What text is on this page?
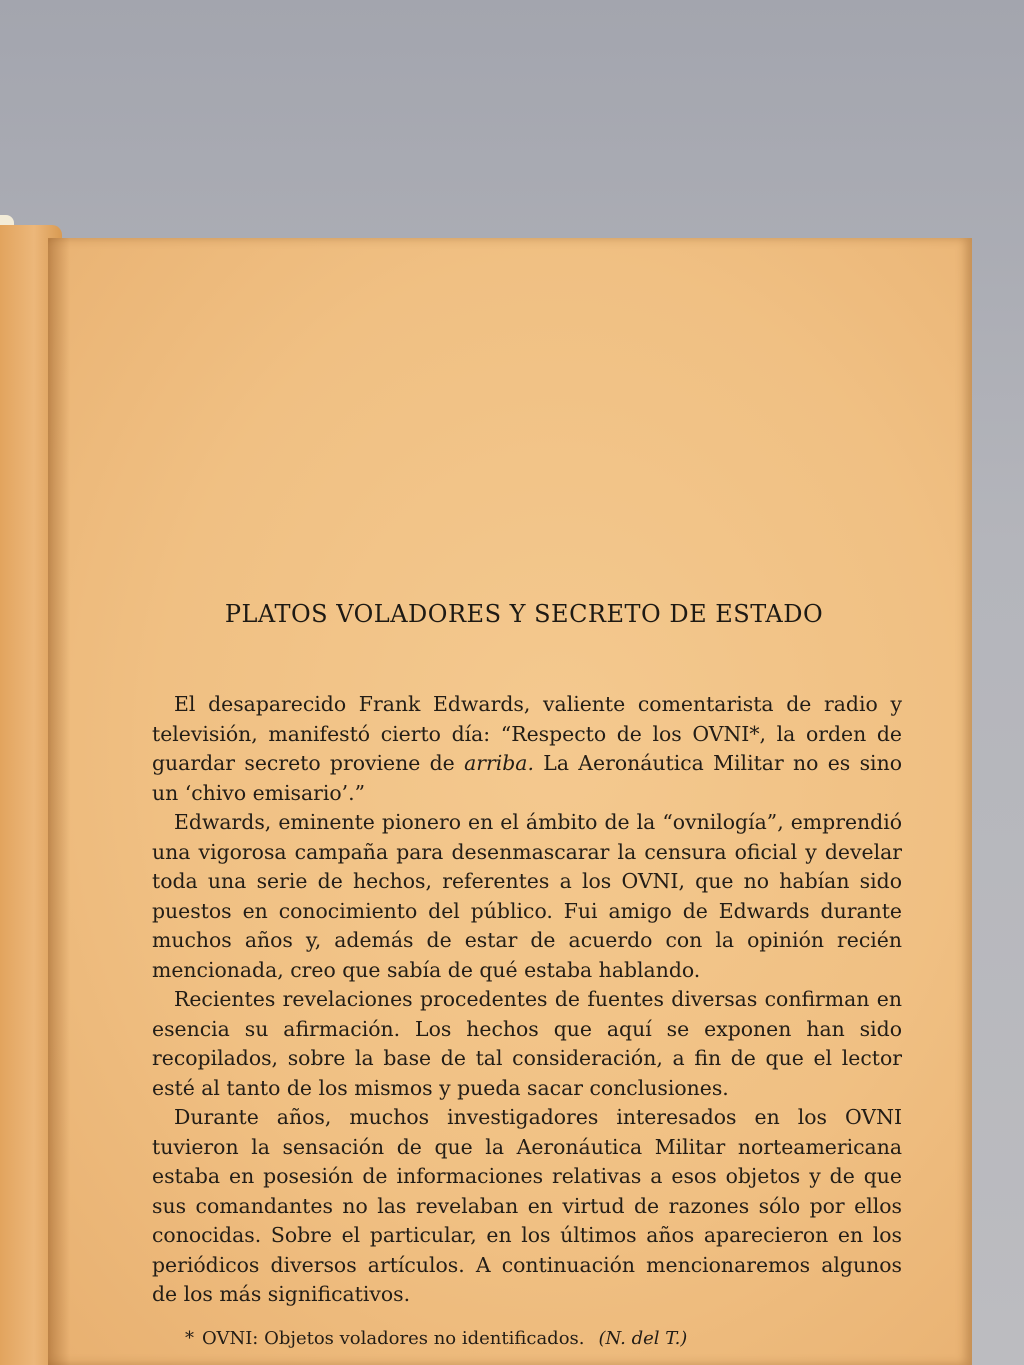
PLATOS VOLADORES Y SECRETO DE ESTADO

El desaparecido Frank Edwards, valiente comentarista de radio y televisión, manifestó cierto día: “Respecto de los OVNI*, la orden de guardar secreto proviene de arriba. La Aeronáutica Militar no es sino un ‘chivo emisario’.”

Edwards, eminente pionero en el ámbito de la “ovnilogía”, emprendió una vigorosa campaña para desenmascarar la censura oficial y develar toda una serie de hechos, referentes a los OVNI, que no habían sido puestos en conocimiento del público. Fui amigo de Edwards durante muchos años y, además de estar de acuerdo con la opinión recién mencionada, creo que sabía de qué estaba hablando.

Recientes revelaciones procedentes de fuentes diversas confirman en esencia su afirmación. Los hechos que aquí se exponen han sido recopilados, sobre la base de tal consideración, a fin de que el lector esté al tanto de los mismos y pueda sacar conclusiones.

Durante años, muchos investigadores interesados en los OVNI tuvieron la sensación de que la Aeronáutica Militar norteamericana estaba en posesión de informaciones relativas a esos objetos y de que sus comandantes no las revelaban en virtud de razones sólo por ellos conocidas. Sobre el particular, en los últimos años aparecieron en los periódicos diversos artículos. A continuación mencionaremos algunos de los más significativos.

* OVNI: Objetos voladores no identificados. (N. del T.)
